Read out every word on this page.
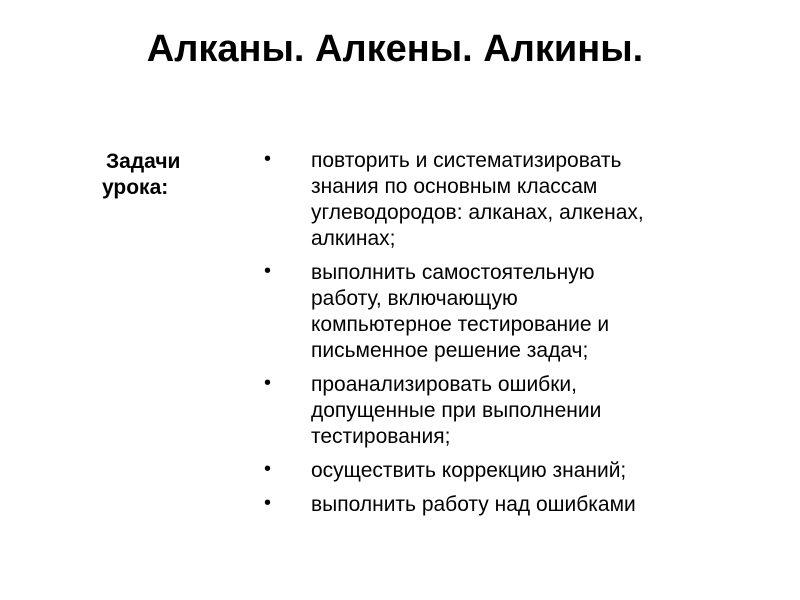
Алканы. Алкены. Алкины.
Задачи
урока:
• повторить и систематизировать
знания по основным классам
углеводородов: алканах, алкенах,
алкинах;
• выполнить самостоятельную
работу, включающую
компьютерное тестирование и
письменное решение задач;
• проанализировать ошибки,
допущенные при выполнении
тестирования;
• осуществить коррекцию знаний;
• выполнить работу над ошибками
